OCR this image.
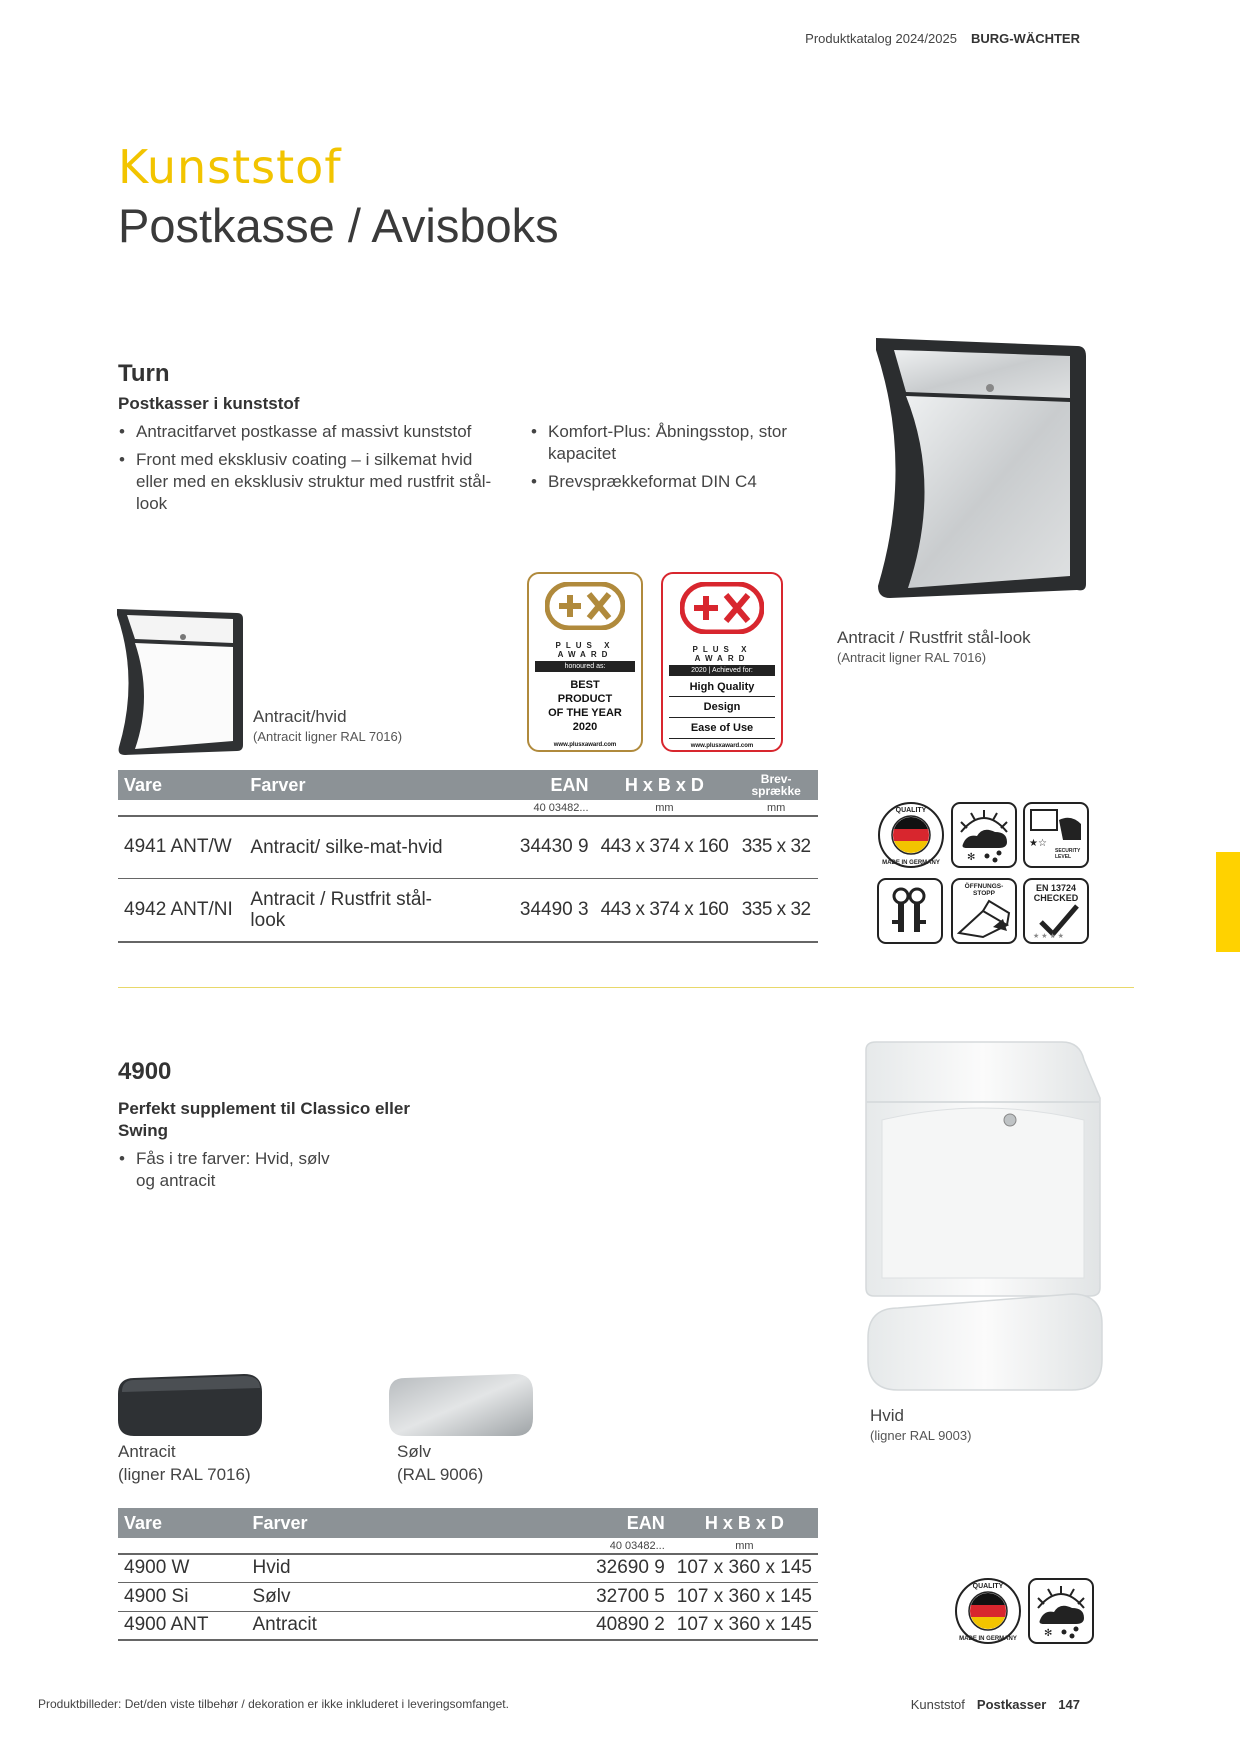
Produktkatalog 2024/2025 BURG-WÄCHTER
Kunststof
Postkasse / Avisboks
Turn
Postkasser i kunststof
• Antracitfarvet postkasse af massivt kunststof
• Front med eksklusiv coating – i silkemat hvid eller med en eksklusiv struktur med rustfrit stål-look
• Komfort-Plus: Åbningsstop, stor kapacitet
• Brevsprækkeformat DIN C4
Antracit / Rustfrit stål-look
(Antracit ligner RAL 7016)
Antracit/hvid
(Antracit ligner RAL 7016)
PLUS X AWARD
honoured as:
BEST
PRODUCT
OF THE YEAR
2020
www.plusxaward.com
PLUS X AWARD
2020 | Achieved for:
High Quality
Design
Ease of Use
www.plusxaward.com
Vare	Farver	EAN	H x B x D	Brev-sprække
		40 03482...	mm	mm
4941 ANT/W	Antracit/ silke-mat-hvid	34430 9	443 x 374 x 160	335 x 32
4942 ANT/NI	Antracit / Rustfrit stål-look	34490 3	443 x 374 x 160	335 x 32
QUALITY
MADE IN GERMANY	✻
★☆
SECURITY LEVEL
ÖFFNUNGS-STOPP
EN 13724
CHECKED
★ ★ ★ ★
4900
Perfekt supplement til Classico eller Swing
• Fås i tre farver: Hvid, sølv og antracit
Hvid
(ligner RAL 9003)
Antracit
(ligner RAL 7016)
Sølv
(RAL 9006)
Vare	Farver	EAN	H x B x D
		40 03482...	mm
4900 W	Hvid	32690 9	107 x 360 x 145
4900 Si	Sølv	32700 5	107 x 360 x 145
4900 ANT	Antracit	40890 2	107 x 360 x 145
QUALITY
MADE IN GERMANY	✻
Produktbilleder: Det/den viste tilbehør / dekoration er ikke inkluderet i leveringsomfanget.	Kunststof Postkasser 147
